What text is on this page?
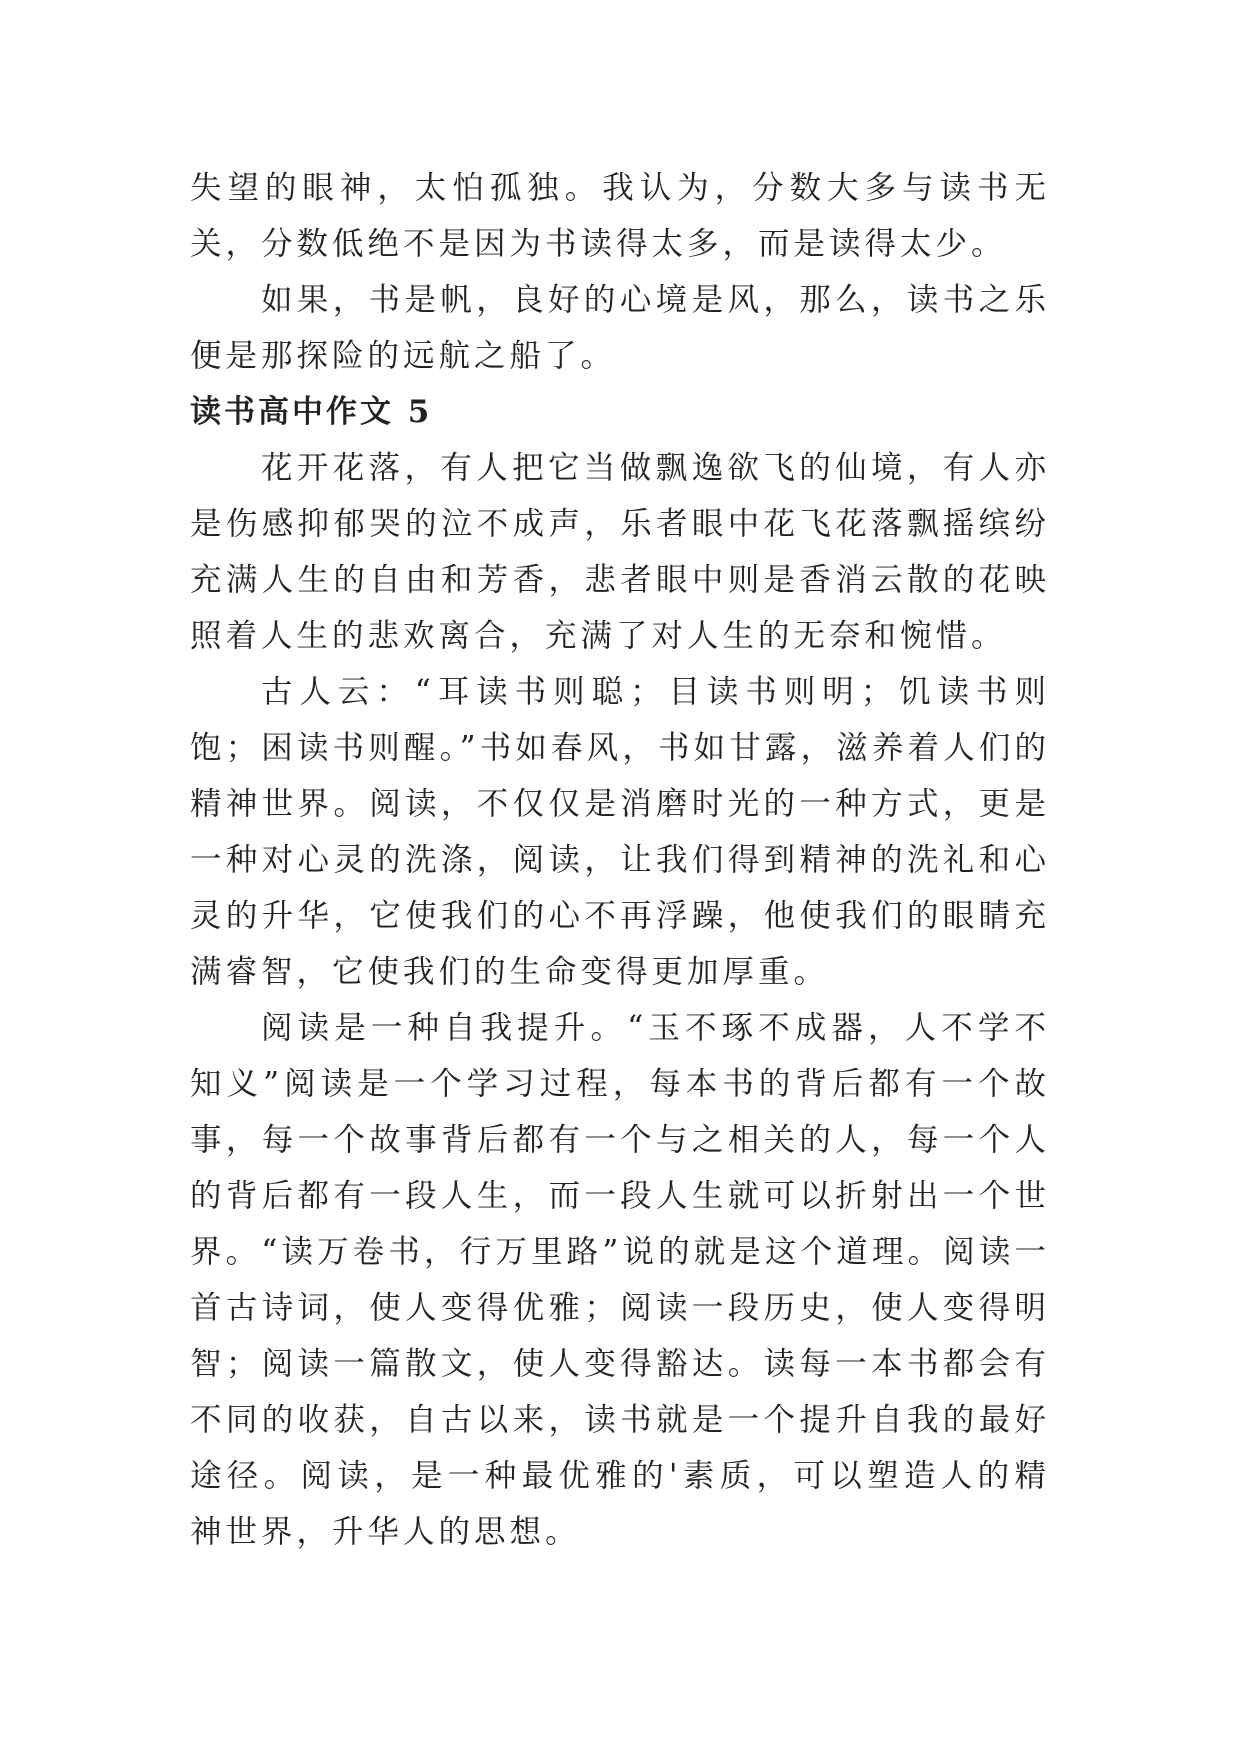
失望的眼神，太怕孤独。我认为，分数大多与读书无关，分数低绝不是因为书读得太多，而是读得太少。

如果，书是帆，良好的心境是风，那么，读书之乐便是那探险的远航之船了。

读书高中作文 5

花开花落，有人把它当做飘逸欲飞的仙境，有人亦是伤感抑郁哭的泣不成声，乐者眼中花飞花落飘摇缤纷充满人生的自由和芳香，悲者眼中则是香消云散的花映照着人生的悲欢离合，充满了对人生的无奈和惋惜。

古人云：“耳读书则聪；目读书则明；饥读书则饱；困读书则醒。”书如春风，书如甘露，滋养着人们的精神世界。阅读，不仅仅是消磨时光的一种方式，更是一种对心灵的洗涤，阅读，让我们得到精神的洗礼和心灵的升华，它使我们的心不再浮躁，他使我们的眼睛充满睿智，它使我们的生命变得更加厚重。

阅读是一种自我提升。“玉不琢不成器，人不学不知义”阅读是一个学习过程，每本书的背后都有一个故事，每一个故事背后都有一个与之相关的人，每一个人的背后都有一段人生，而一段人生就可以折射出一个世界。“读万卷书，行万里路”说的就是这个道理。阅读一首古诗词，使人变得优雅；阅读一段历史，使人变得明智；阅读一篇散文，使人变得豁达。读每一本书都会有不同的收获，自古以来，读书就是一个提升自我的最好途径。阅读，是一种最优雅的'素质，可以塑造人的精神世界，升华人的思想。
